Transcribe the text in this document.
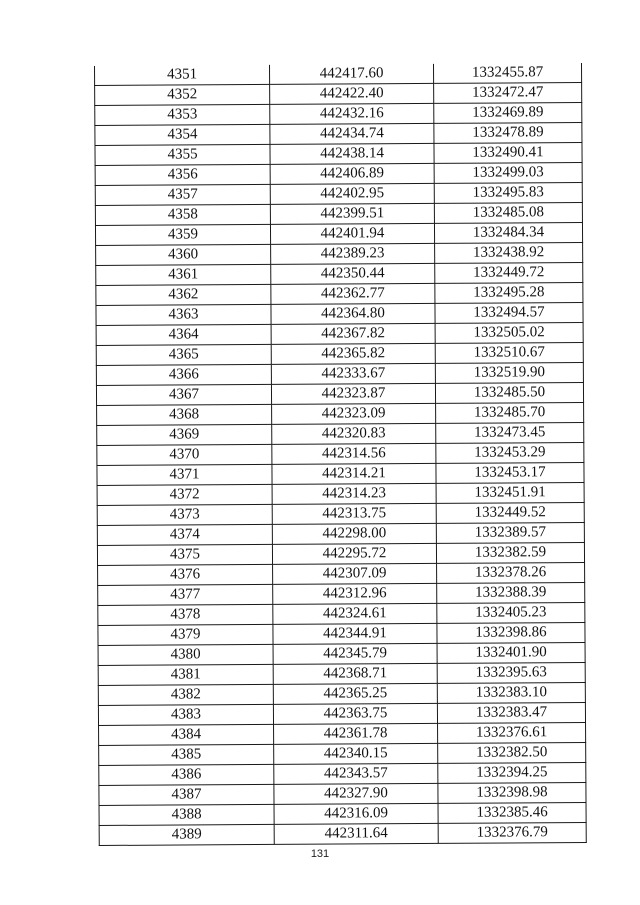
4351	442417.60	1332455.87
4352	442422.40	1332472.47
4353	442432.16	1332469.89
4354	442434.74	1332478.89
4355	442438.14	1332490.41
4356	442406.89	1332499.03
4357	442402.95	1332495.83
4358	442399.51	1332485.08
4359	442401.94	1332484.34
4360	442389.23	1332438.92
4361	442350.44	1332449.72
4362	442362.77	1332495.28
4363	442364.80	1332494.57
4364	442367.82	1332505.02
4365	442365.82	1332510.67
4366	442333.67	1332519.90
4367	442323.87	1332485.50
4368	442323.09	1332485.70
4369	442320.83	1332473.45
4370	442314.56	1332453.29
4371	442314.21	1332453.17
4372	442314.23	1332451.91
4373	442313.75	1332449.52
4374	442298.00	1332389.57
4375	442295.72	1332382.59
4376	442307.09	1332378.26
4377	442312.96	1332388.39
4378	442324.61	1332405.23
4379	442344.91	1332398.86
4380	442345.79	1332401.90
4381	442368.71	1332395.63
4382	442365.25	1332383.10
4383	442363.75	1332383.47
4384	442361.78	1332376.61
4385	442340.15	1332382.50
4386	442343.57	1332394.25
4387	442327.90	1332398.98
4388	442316.09	1332385.46
4389	442311.64	1332376.79
131
